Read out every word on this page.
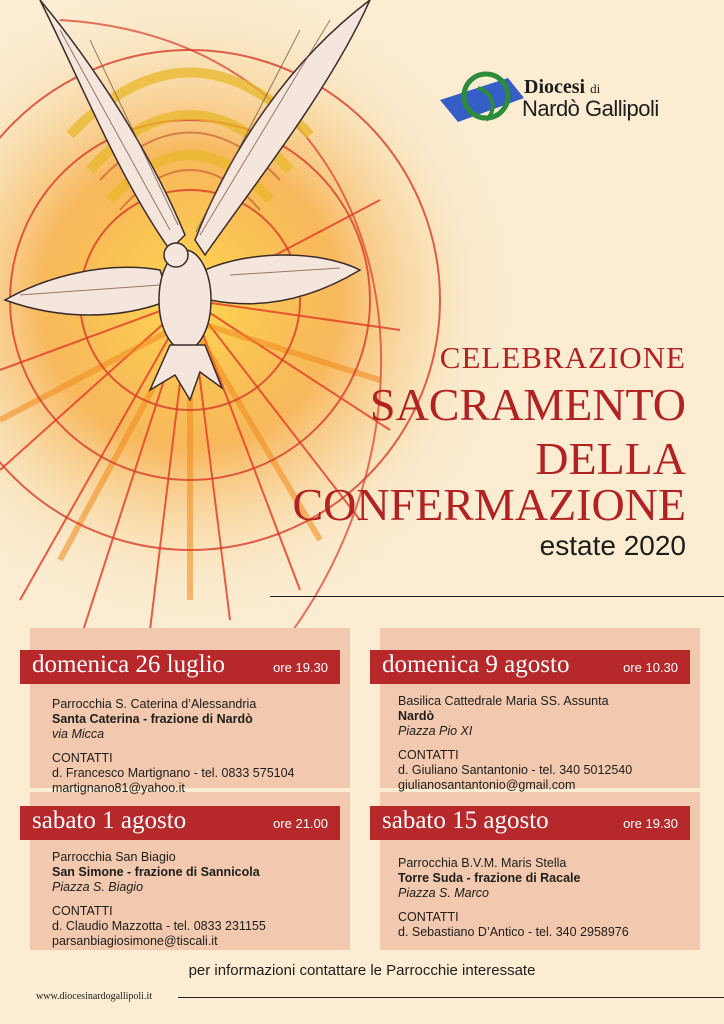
Diocesi di
Nardò Gallipoli
CELEBRAZIONE
SACRAMENTO
DELLA
CONFERMAZIONE
estate 2020
domenica 26 luglio	ore 19.30
Parrocchia S. Caterina d’Alessandria
Santa Caterina - frazione di Nardò
via Micca
CONTATTI
d. Francesco Martignano - tel. 0833 575104
martignano81@yahoo.it
domenica 9 agosto	ore 10.30
Basilica Cattedrale Maria SS. Assunta
Nardò
Piazza Pio XI
CONTATTI
d. Giuliano Santantonio - tel. 340 5012540
giulianosantantonio@gmail.com
sabato 1 agosto	ore 21.00
Parrocchia San Biagio
San Simone - frazione di Sannicola
Piazza S. Biagio
CONTATTI
d. Claudio Mazzotta - tel. 0833 231155
parsanbiagiosimone@tiscali.it
sabato 15 agosto	ore 19.30
Parrocchia B.V.M. Maris Stella
Torre Suda - frazione di Racale
Piazza S. Marco
CONTATTI
d. Sebastiano D’Antico - tel. 340 2958976
per informazioni contattare le Parrocchie interessate
www.diocesinardogallipoli.it
